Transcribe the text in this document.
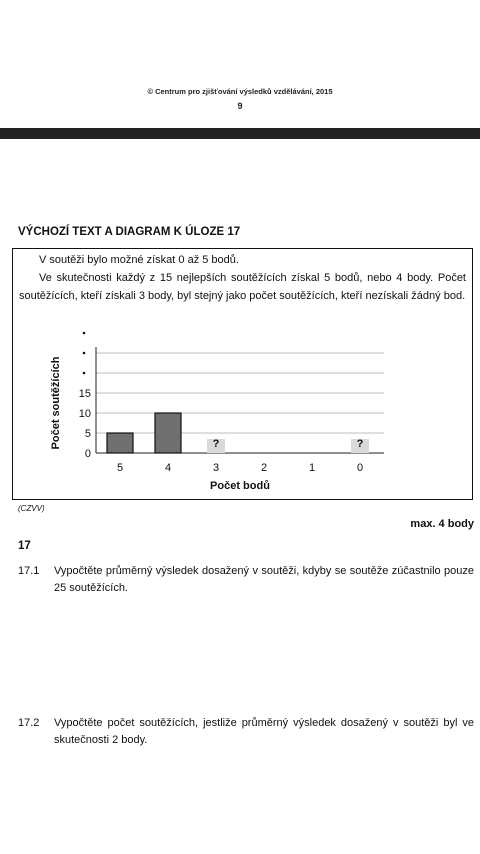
© Centrum pro zjišťování výsledků vzdělávání, 2015
9
VÝCHOZÍ TEXT A DIAGRAM K ÚLOZE 17
V soutěži bylo možné získat 0 až 5 bodů.
Ve skutečnosti každý z 15 nejlepších soutěžících získal 5 bodů, nebo 4 body. Počet soutěžících, kteří získali 3 body, byl stejný jako počet soutěžících, kteří nezískali žádný bod.
0
5
10
15
5	4
?
3	2	1
?
0
Počet bodů
Počet soutěžících
(CZVV)
max. 4 body
17
17.1 Vypočtěte průměrný výsledek dosažený v soutěži, kdyby se soutěže zúčastnilo pouze 25 soutěžících.
17.2 Vypočtěte počet soutěžících, jestliže průměrný výsledek dosažený v soutěži byl ve skutečnosti 2 body.
